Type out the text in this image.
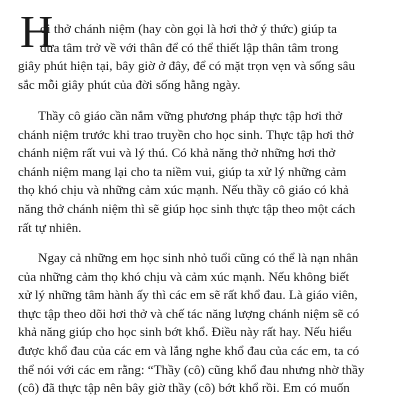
H
ơi thở chánh niệm (hay còn gọi là hơi thở ý thức) giúp ta
đưa tâm trở về với thân để có thể thiết lập thân tâm trong
giây phút hiện tại, bây giờ ở đây, để có mặt trọn vẹn và sống sâu
sắc mỗi giây phút của đời sống hằng ngày.
Thầy cô giáo cần nắm vững phương pháp thực tập hơi thở
chánh niệm trước khi trao truyền cho học sinh. Thực tập hơi thở
chánh niệm rất vui và lý thú. Có khả năng thở những hơi thở
chánh niệm mang lại cho ta niềm vui, giúp ta xử lý những cảm
thọ khó chịu và những cảm xúc mạnh. Nếu thầy cô giáo có khả
năng thở chánh niệm thì sẽ giúp học sinh thực tập theo một cách
rất tự nhiên.
Ngay cả những em học sinh nhỏ tuổi cũng có thể là nạn nhân
của những cảm thọ khó chịu và cảm xúc mạnh. Nếu không biết
xử lý những tâm hành ấy thì các em sẽ rất khổ đau. Là giáo viên,
thực tập theo dõi hơi thở và chế tác năng lượng chánh niệm sẽ có
khả năng giúp cho học sinh bớt khổ. Điều này rất hay. Nếu hiểu
được khổ đau của các em và lắng nghe khổ đau của các em, ta có
thể nói với các em rằng: “Thầy (cô) cũng khổ đau nhưng nhờ thầy
(cô) đã thực tập nên bây giờ thầy (cô) bớt khổ rồi. Em có muốn
